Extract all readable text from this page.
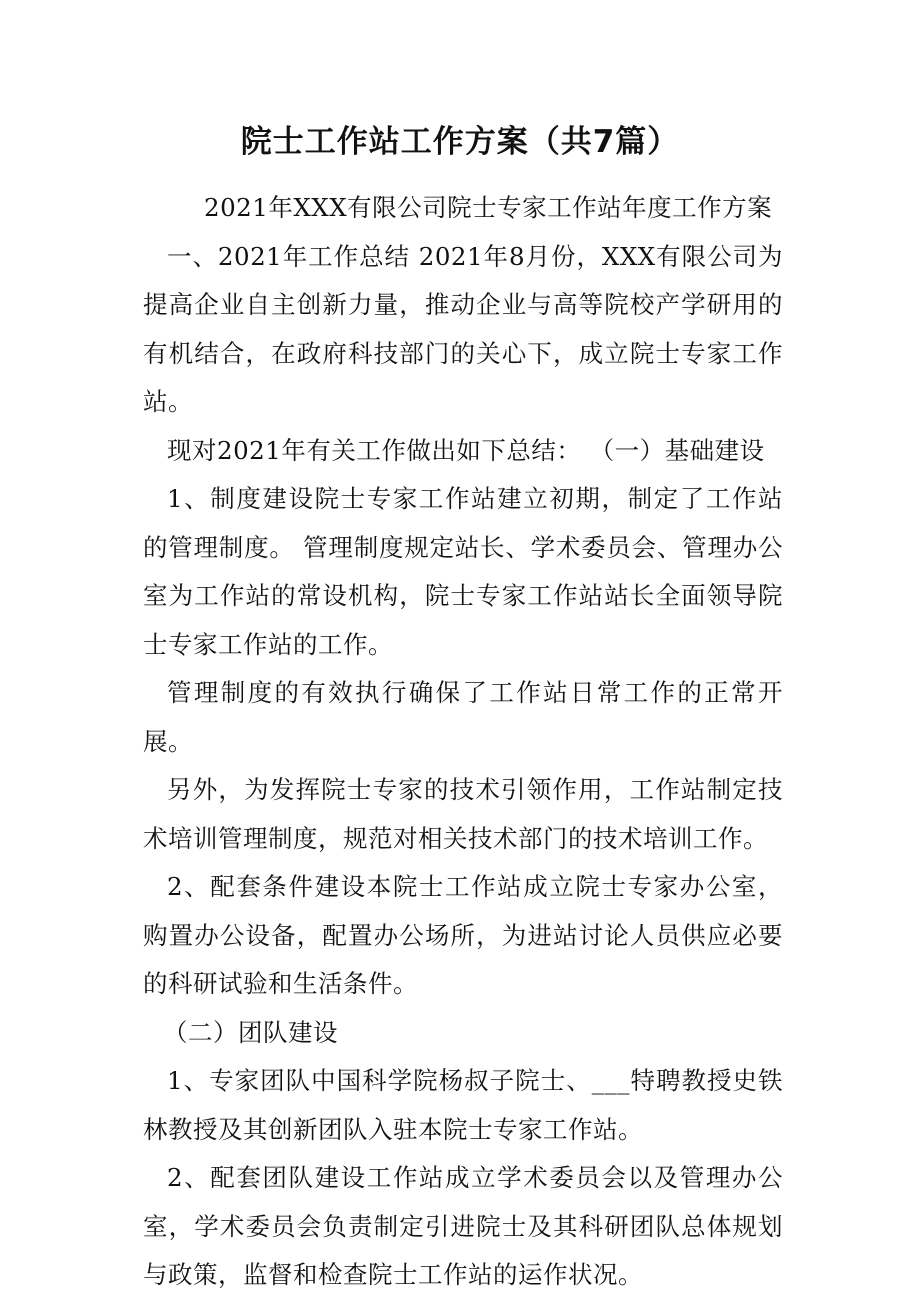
院士工作站工作方案（共7篇）

2021年XXX有限公司院士专家工作站年度工作方案

一、2021年工作总结 2021年8月份，XXX有限公司为提高企业自主创新力量，推动企业与高等院校产学研用的有机结合，在政府科技部门的关心下，成立院士专家工作站。

现对2021年有关工作做出如下总结： （一）基础建设

1、制度建设院士专家工作站建立初期，制定了工作站的管理制度。 管理制度规定站长、学术委员会、管理办公室为工作站的常设机构，院士专家工作站站长全面领导院士专家工作站的工作。

管理制度的有效执行确保了工作站日常工作的正常开展。

另外，为发挥院士专家的技术引领作用，工作站制定技术培训管理制度，规范对相关技术部门的技术培训工作。

2、配套条件建设本院士工作站成立院士专家办公室，购置办公设备，配置办公场所，为进站讨论人员供应必要的科研试验和生活条件。

（二）团队建设

1、专家团队中国科学院杨叔子院士、___特聘教授史铁林教授及其创新团队入驻本院士专家工作站。

2、配套团队建设工作站成立学术委员会以及管理办公室，学术委员会负责制定引进院士及其科研团队总体规划与政策，监督和检查院士工作站的运作状况。
